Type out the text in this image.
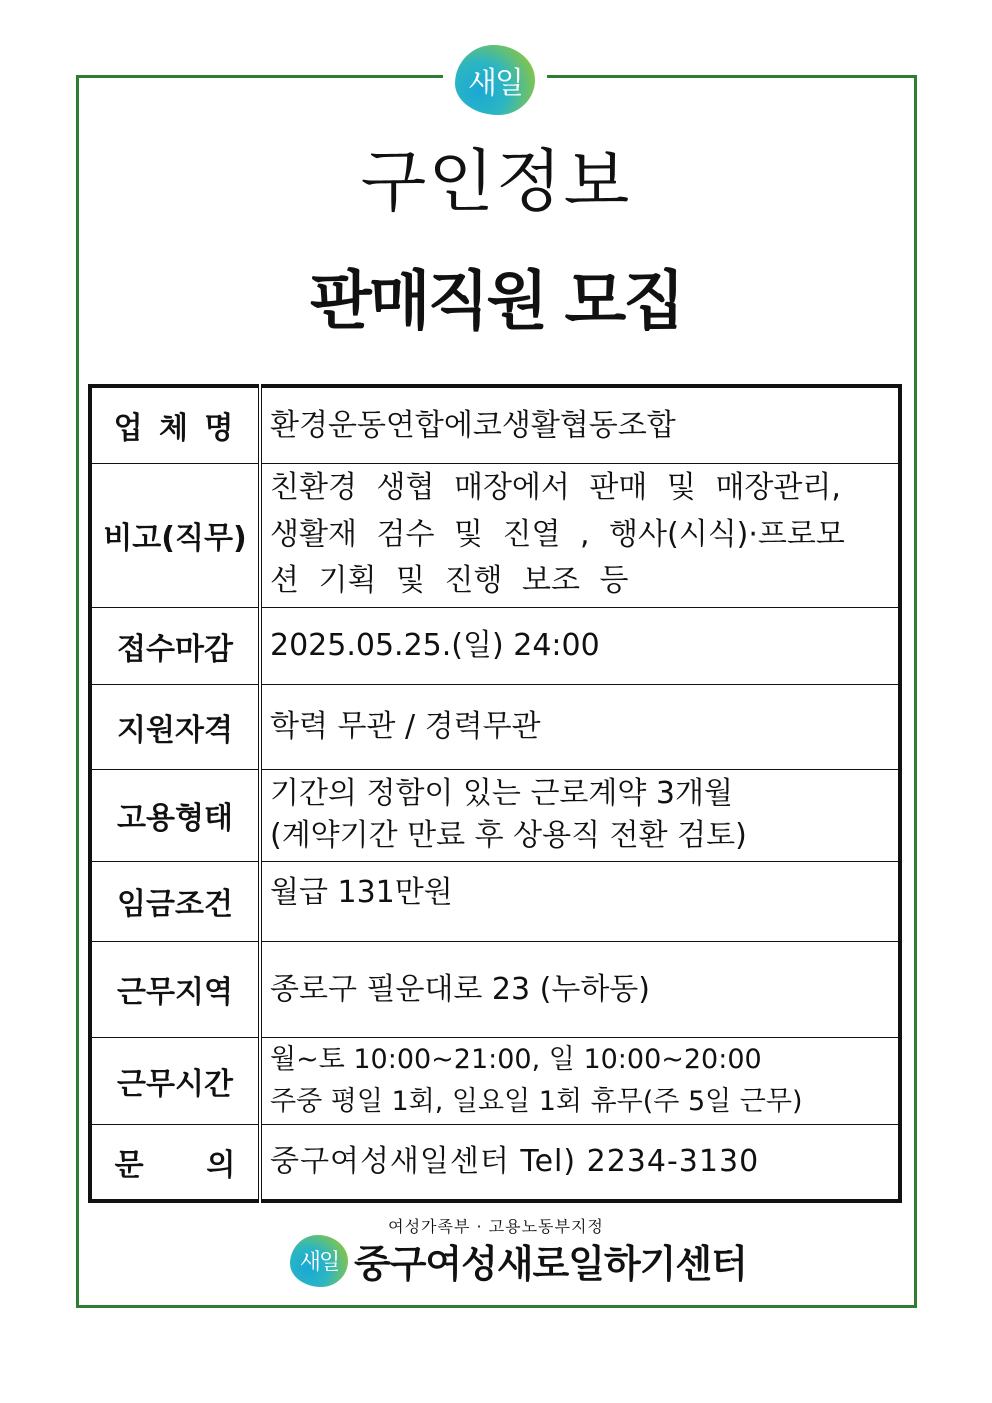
새일
구인정보
판매직원 모집
업 체 명	환경운동연합에코생활협동조합

비고(직무)	친환경 생협 매장에서 판매 및 매장관리,
생활재 검수 및 진열 , 행사(시식)·프로모
션 기획 및 진행 보조 등

접수마감	2025.05.25.(일) 24:00

지원자격	학력 무관 / 경력무관

고용형태	기간의 정함이 있는 근로계약 3개월
(계약기간 만료 후 상용직 전환 검토)

임금조건	월급 131만원

근무지역	종로구 필운대로 23 (누하동)

근무시간	월~토 10:00~21:00, 일 10:00~20:00
주중 평일 1회, 일요일 1회 휴무(주 5일 근무)

문      의	중구여성새일센터 Tel) 2234-3130
여성가족부 · 고용노동부지정
새일 중구여성새로일하기센터
